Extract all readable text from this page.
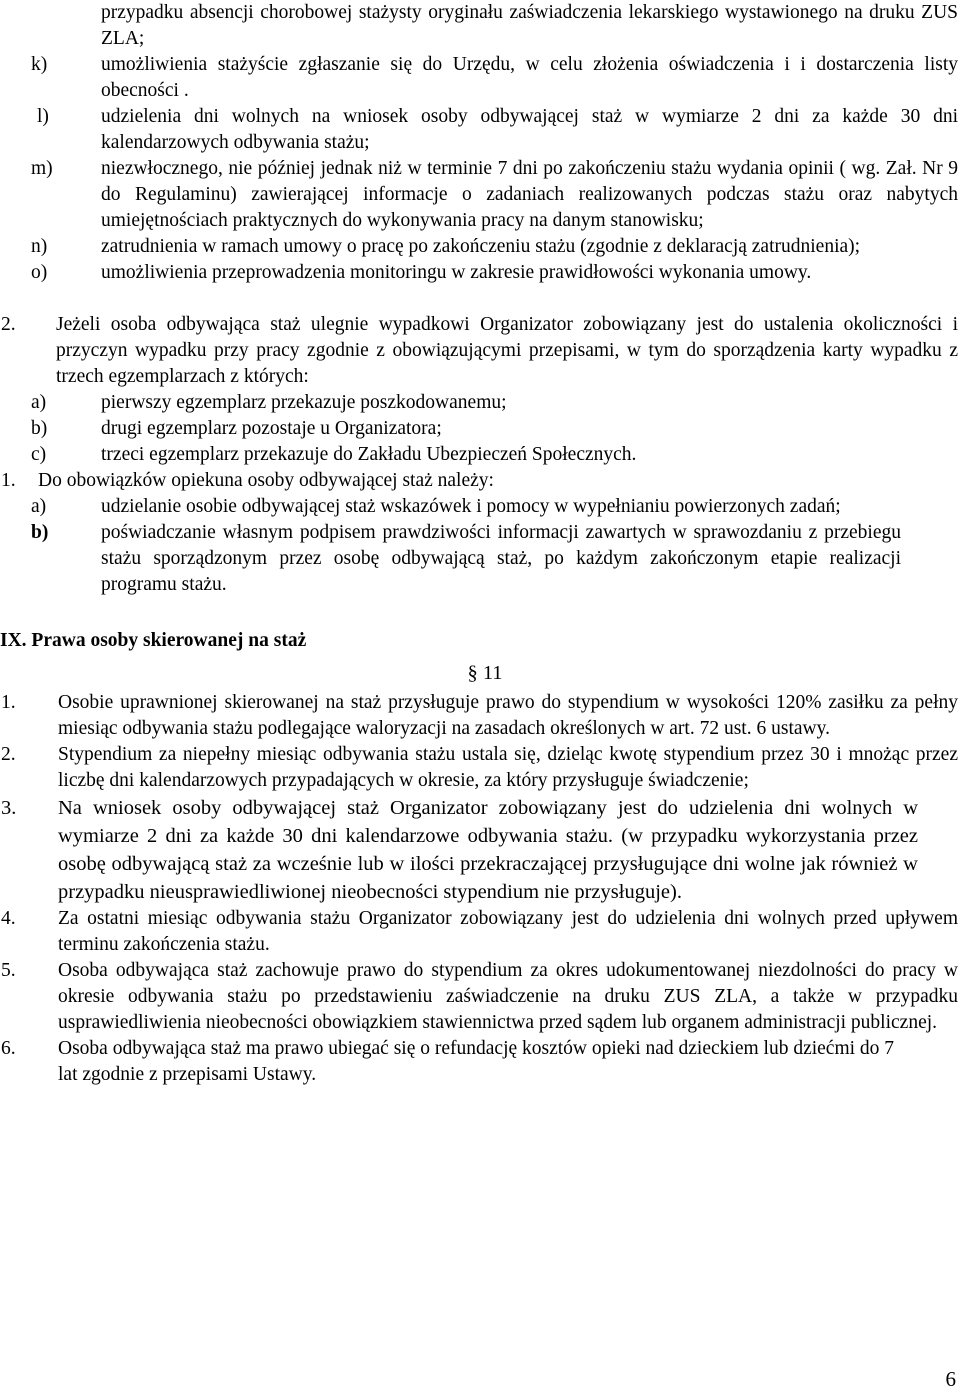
przypadku absencji chorobowej stażysty oryginału zaświadczenia lekarskiego wystawionego na druku ZUS ZLA;
k)	umożliwienia stażyście zgłaszanie się do Urzędu, w celu złożenia oświadczenia i i dostarczenia listy obecności .
l)	udzielenia dni wolnych na wniosek osoby odbywającej staż w wymiarze 2 dni za każde 30 dni kalendarzowych odbywania stażu;
m) niezwłocznego, nie później jednak niż w terminie 7 dni po zakończeniu stażu wydania opinii ( wg. Zał. Nr 9 do Regulaminu) zawierającej informacje o zadaniach realizowanych podczas stażu oraz nabytych umiejętnościach praktycznych do wykonywania pracy na danym stanowisku;
n)	zatrudnienia w ramach umowy o pracę po zakończeniu stażu (zgodnie z deklaracją zatrudnienia);
o)	umożliwienia przeprowadzenia monitoringu w zakresie prawidłowości wykonania umowy.
2. Jeżeli osoba odbywająca staż ulegnie wypadkowi Organizator zobowiązany jest do ustalenia okoliczności i przyczyn wypadku przy pracy zgodnie z obowiązującymi przepisami, w tym do sporządzenia karty wypadku z trzech egzemplarzach z których:
a)	pierwszy egzemplarz przekazuje poszkodowanemu;
b)	drugi egzemplarz pozostaje u Organizatora;
c)	trzeci egzemplarz przekazuje do Zakładu Ubezpieczeń Społecznych.
1. Do obowiązków opiekuna osoby odbywającej staż należy:
a)	udzielanie osobie odbywającej staż wskazówek i pomocy w wypełnianiu powierzonych zadań;
b)	poświadczanie własnym podpisem prawdziwości informacji zawartych w sprawozdaniu z przebiegu stażu sporządzonym przez osobę odbywającą staż, po każdym zakończonym etapie realizacji programu stażu.
IX. Prawa osoby skierowanej na staż
§ 11
1. Osobie uprawnionej skierowanej na staż przysługuje prawo do stypendium w wysokości 120% zasiłku za pełny miesiąc odbywania stażu podlegające waloryzacji na zasadach określonych w art. 72 ust. 6 ustawy.
2. Stypendium za niepełny miesiąc odbywania stażu ustala się, dzieląc kwotę stypendium przez 30 i mnożąc przez liczbę dni kalendarzowych przypadających w okresie, za który przysługuje świadczenie;
3. Na wniosek osoby odbywającej staż Organizator zobowiązany jest do udzielenia dni wolnych w wymiarze 2 dni za każde 30 dni kalendarzowe odbywania stażu. (w przypadku wykorzystania przez osobę odbywającą staż za wcześnie lub w ilości przekraczającej przysługujące dni wolne jak również w przypadku nieusprawiedliwionej nieobecności stypendium nie przysługuje).
4. Za ostatni miesiąc odbywania stażu Organizator zobowiązany jest do udzielenia dni wolnych przed upływem terminu zakończenia stażu.
5. Osoba odbywająca staż zachowuje prawo do stypendium za okres udokumentowanej niezdolności do pracy w okresie odbywania stażu po przedstawieniu zaświadczenie na druku ZUS ZLA, a także w przypadku usprawiedliwienia nieobecności obowiązkiem stawiennictwa przed sądem lub organem administracji publicznej.
6. Osoba odbywająca staż ma prawo ubiegać się o refundację kosztów opieki nad dzieckiem lub dziećmi do 7 lat zgodnie z przepisami Ustawy.
6
